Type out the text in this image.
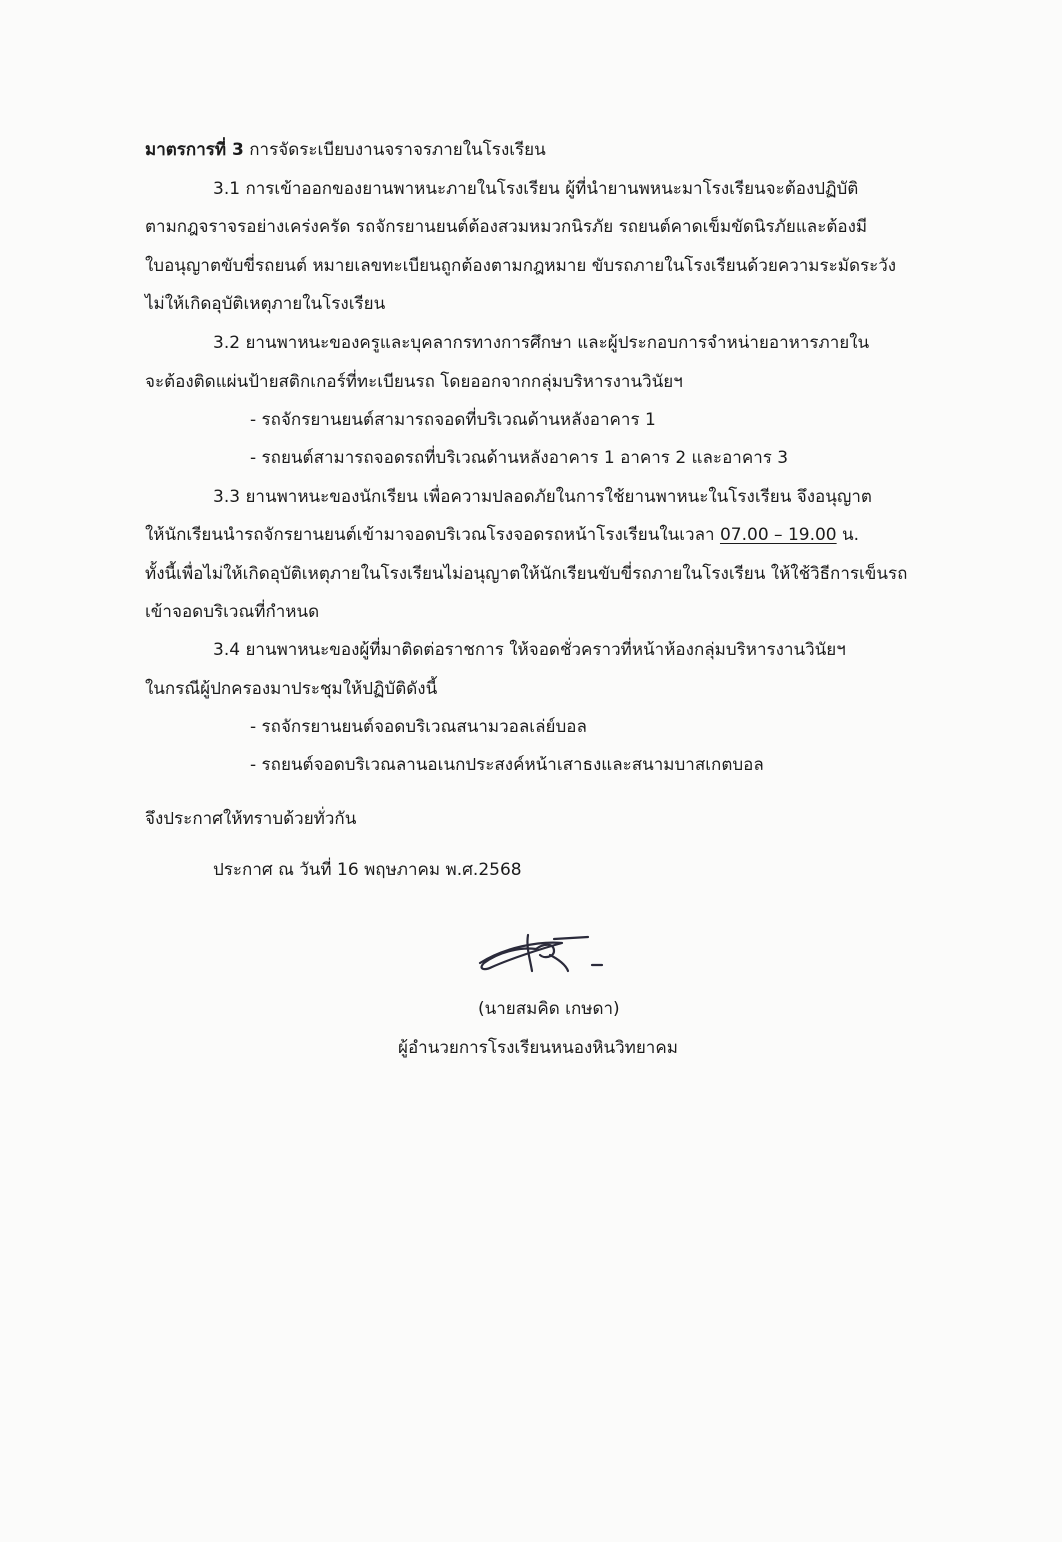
มาตรการที่ 3 การจัดระเบียบงานจราจรภายในโรงเรียน
3.1 การเข้าออกของยานพาหนะภายในโรงเรียน ผู้ที่นำยานพหนะมาโรงเรียนจะต้องปฏิบัติ
ตามกฎจราจรอย่างเคร่งครัด รถจักรยานยนต์ต้องสวมหมวกนิรภัย รถยนต์คาดเข็มขัดนิรภัยและต้องมี
ใบอนุญาตขับขี่รถยนต์ หมายเลขทะเบียนถูกต้องตามกฎหมาย ขับรถภายในโรงเรียนด้วยความระมัดระวัง
ไม่ให้เกิดอุบัติเหตุภายในโรงเรียน
3.2 ยานพาหนะของครูและบุคลากรทางการศึกษา และผู้ประกอบการจำหน่ายอาหารภายใน
จะต้องติดแผ่นป้ายสติกเกอร์ที่ทะเบียนรถ โดยออกจากกลุ่มบริหารงานวินัยฯ
- รถจักรยานยนต์สามารถจอดที่บริเวณด้านหลังอาคาร 1
- รถยนต์สามารถจอดรถที่บริเวณด้านหลังอาคาร 1 อาคาร 2 และอาคาร 3
3.3 ยานพาหนะของนักเรียน เพื่อความปลอดภัยในการใช้ยานพาหนะในโรงเรียน จึงอนุญาต
ให้นักเรียนนำรถจักรยานยนต์เข้ามาจอดบริเวณโรงจอดรถหน้าโรงเรียนในเวลา 07.00 – 19.00 น.
ทั้งนี้เพื่อไม่ให้เกิดอุบัติเหตุภายในโรงเรียนไม่อนุญาตให้นักเรียนขับขี่รถภายในโรงเรียน ให้ใช้วิธีการเข็นรถ
เข้าจอดบริเวณที่กำหนด
3.4 ยานพาหนะของผู้ที่มาติดต่อราชการ ให้จอดชั่วคราวที่หน้าห้องกลุ่มบริหารงานวินัยฯ
ในกรณีผู้ปกครองมาประชุมให้ปฏิบัติดังนี้
- รถจักรยานยนต์จอดบริเวณสนามวอลเล่ย์บอล
- รถยนต์จอดบริเวณลานอเนกประสงค์หน้าเสาธงและสนามบาสเกตบอล
จึงประกาศให้ทราบด้วยทั่วกัน
ประกาศ ณ วันที่ 16 พฤษภาคม พ.ศ.2568
(นายสมคิด เกษดา)
ผู้อำนวยการโรงเรียนหนองหินวิทยาคม
